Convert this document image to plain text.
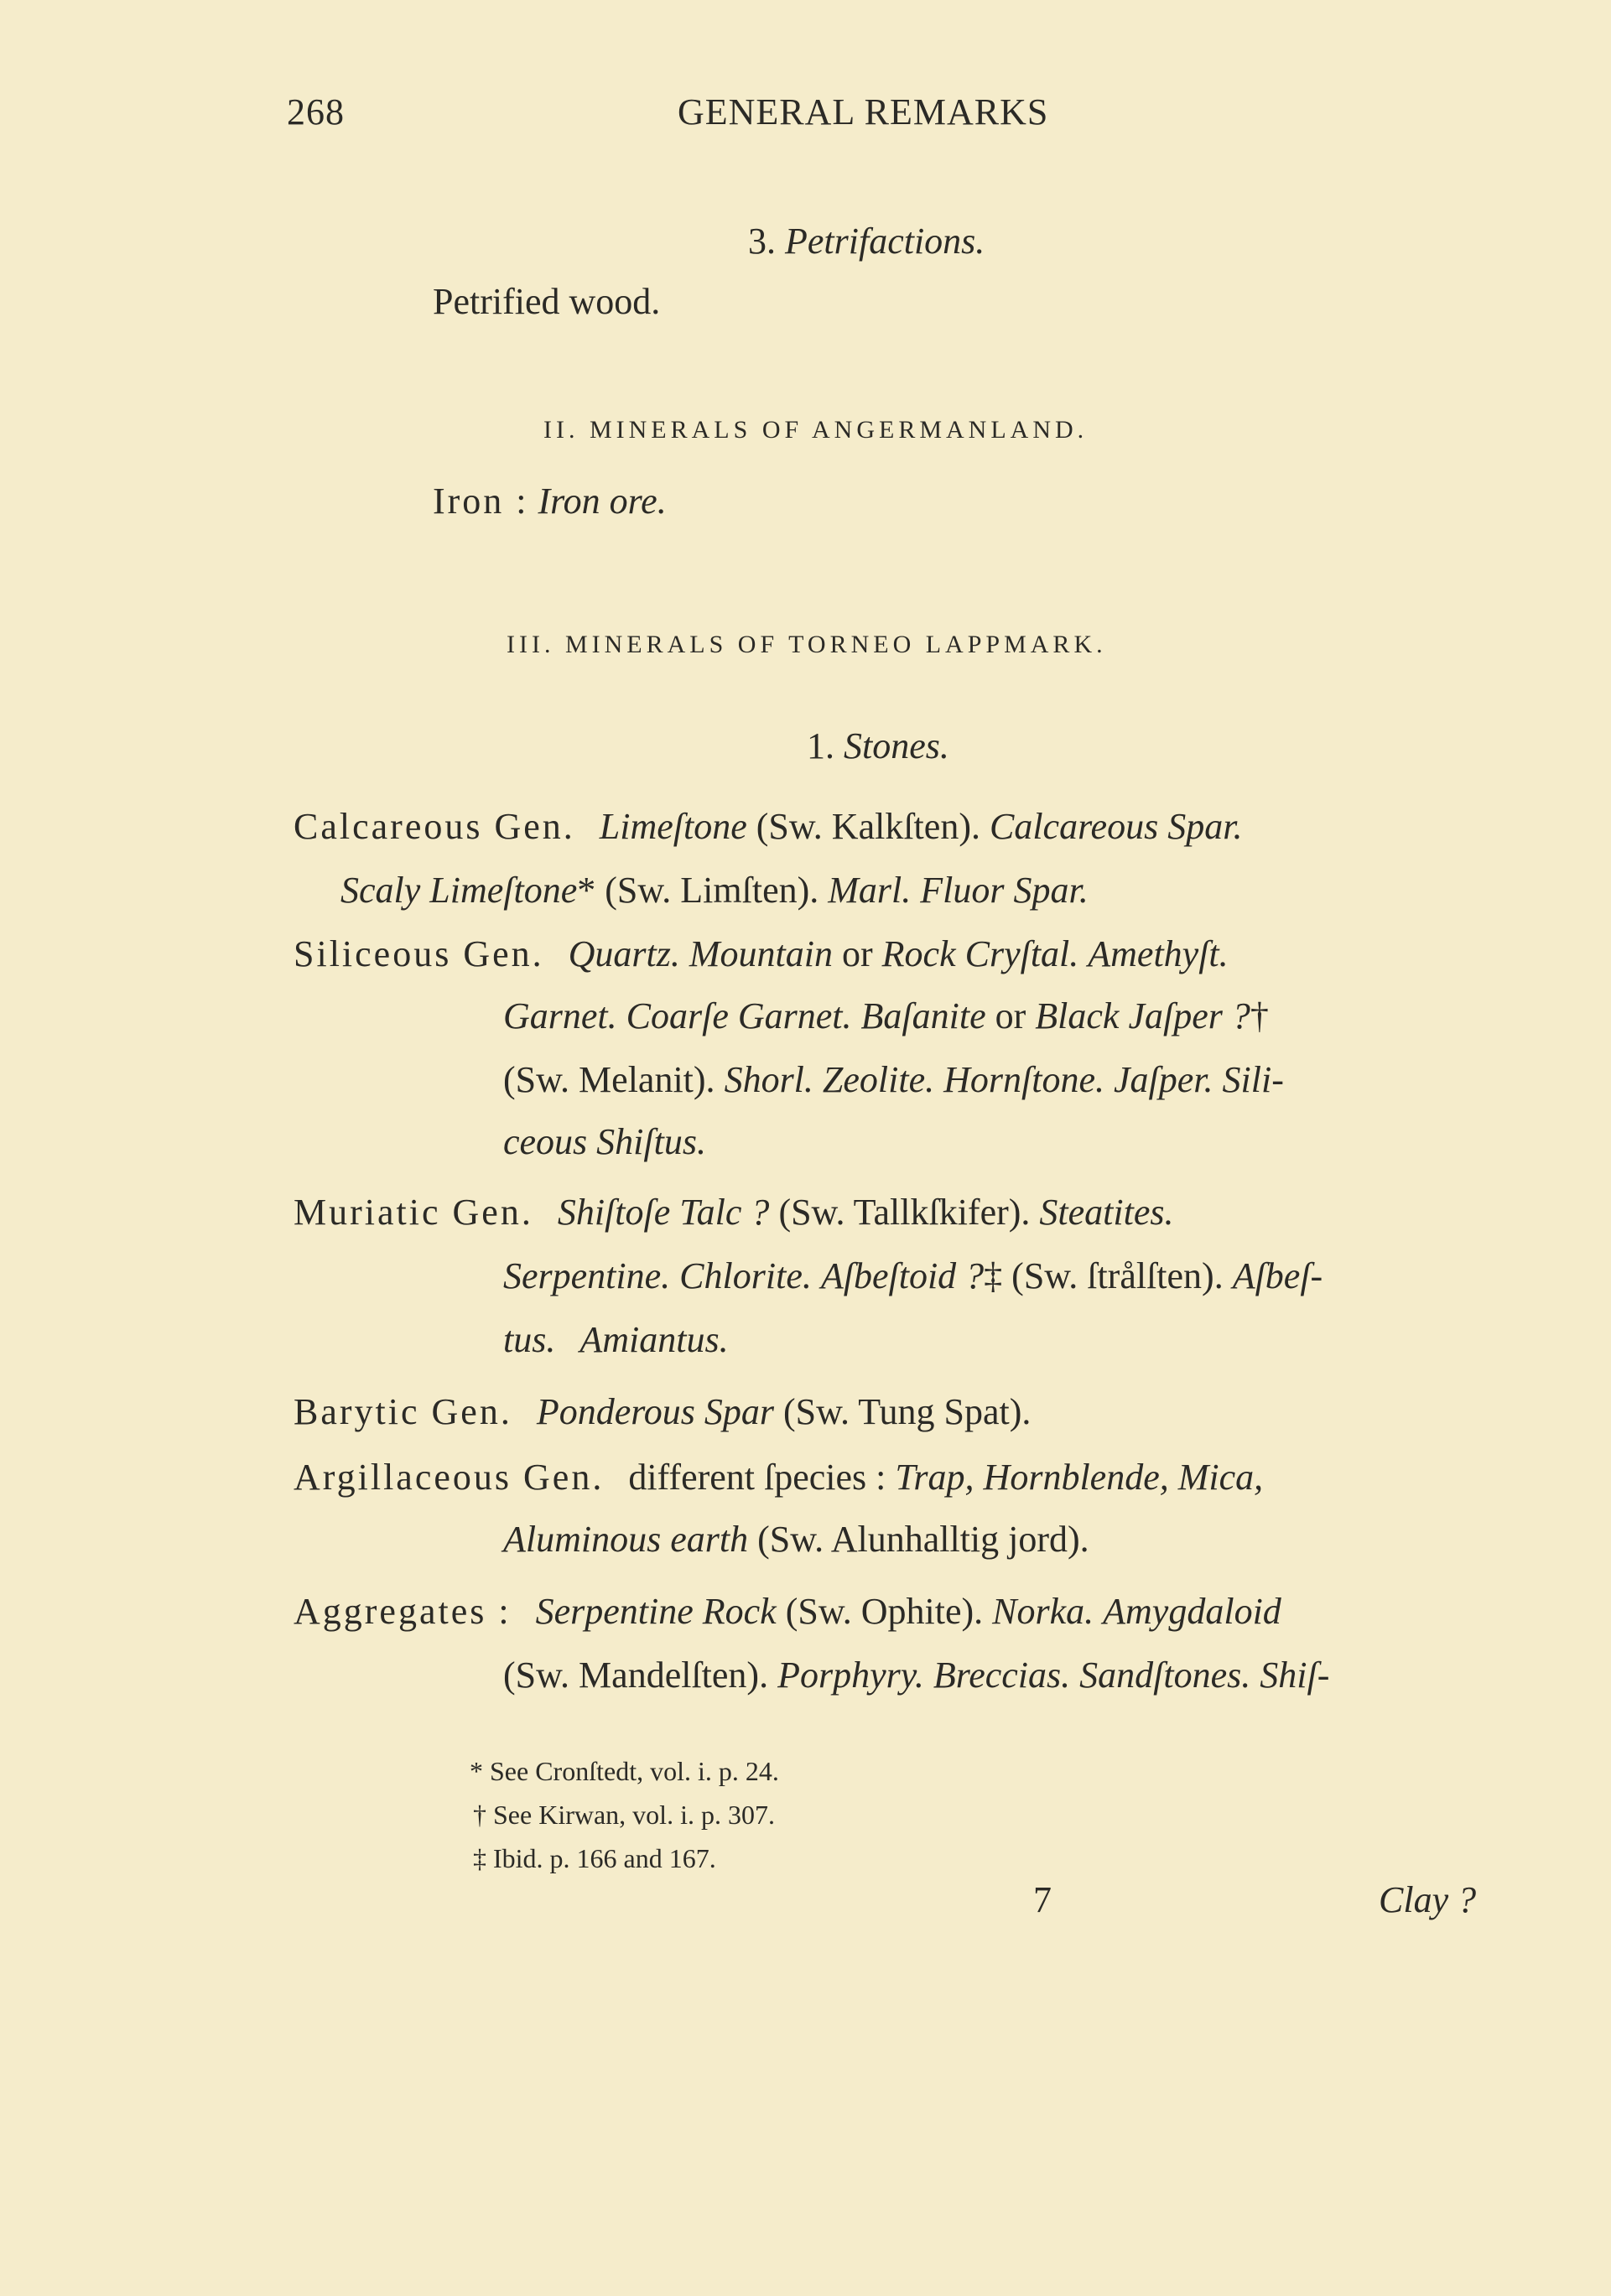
268	GENERAL REMARKS
3. Petrifactions.
Petrified wood.
II. MINERALS OF ANGERMANLAND.
Iron : Iron ore.
III. MINERALS OF TORNEO LAPPMARK.
1. Stones.
Calcareous Gen. Limeſtone (Sw. Kalkſten). Calcareous Spar.
Scaly Limeſtone* (Sw. Limſten). Marl. Fluor Spar.
Siliceous Gen. Quartz. Mountain or Rock Cryſtal. Amethyſt.
Garnet. Coarſe Garnet. Baſanite or Black Jaſper ?†
(Sw. Melanit). Shorl. Zeolite. Hornſtone. Jaſper. Sili-
ceous Shiſtus.
Muriatic Gen. Shiſtoſe Talc ? (Sw. Tallkſkifer). Steatites.
Serpentine. Chlorite. Aſbeſtoid ?‡ (Sw. ſtrålſten). Aſbeſ-
tus. Amiantus.
Barytic Gen. Ponderous Spar (Sw. Tung Spat).
Argillaceous Gen. different ſpecies : Trap, Hornblende, Mica,
Aluminous earth (Sw. Alunhalltig jord).
Aggregates : Serpentine Rock (Sw. Ophite). Norka. Amygdaloid
(Sw. Mandelſten). Porphyry. Breccias. Sandſtones. Shiſ-
* See Cronſtedt, vol. i. p. 24.
† See Kirwan, vol. i. p. 307.
‡ Ibid. p. 166 and 167.
7	Clay ?
